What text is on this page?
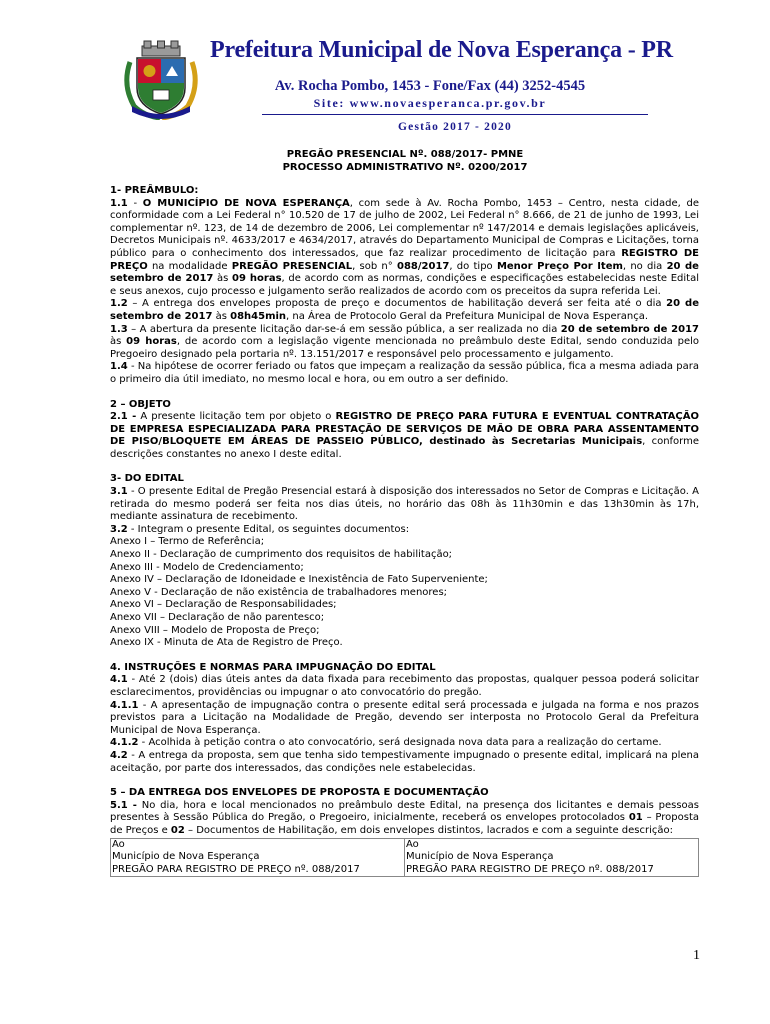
Prefeitura Municipal de Nova Esperança - PR
Av. Rocha Pombo, 1453 - Fone/Fax (44) 3252-4545
Site: www.novaesperanca.pr.gov.br
Gestão 2017 - 2020
PREGÃO PRESENCIAL Nº. 088/2017- PMNE
PROCESSO ADMINISTRATIVO Nº. 0200/2017

1- PREÂMBULO:

1.1 - O MUNICÍPIO DE NOVA ESPERANÇA, com sede à Av. Rocha Pombo, 1453 – Centro, nesta cidade, de conformidade com a Lei Federal n° 10.520 de 17 de julho de 2002, Lei Federal n° 8.666, de 21 de junho de 1993, Lei complementar nº. 123, de 14 de dezembro de 2006, Lei complementar nº 147/2014 e demais legislações aplicáveis, Decretos Municipais nº. 4633/2017 e 4634/2017, através do Departamento Municipal de Compras e Licitações, torna público para o conhecimento dos interessados, que faz realizar procedimento de licitação para REGISTRO DE PREÇO na modalidade PREGÃO PRESENCIAL, sob n° 088/2017, do tipo Menor Preço Por Item, no dia 20 de setembro de 2017 às 09 horas, de acordo com as normas, condições e especificações estabelecidas neste Edital e seus anexos, cujo processo e julgamento serão realizados de acordo com os preceitos da supra referida Lei.

1.2 – A entrega dos envelopes proposta de preço e documentos de habilitação deverá ser feita até o dia 20 de setembro de 2017 às 08h45min, na Área de Protocolo Geral da Prefeitura Municipal de Nova Esperança.

1.3 – A abertura da presente licitação dar-se-á em sessão pública, a ser realizada no dia 20 de setembro de 2017 às 09 horas, de acordo com a legislação vigente mencionada no preâmbulo deste Edital, sendo conduzida pelo Pregoeiro designado pela portaria nº. 13.151/2017 e responsável pelo processamento e julgamento.

1.4 - Na hipótese de ocorrer feriado ou fatos que impeçam a realização da sessão pública, fica a mesma adiada para o primeiro dia útil imediato, no mesmo local e hora, ou em outro a ser definido.

2 – OBJETO

2.1 - A presente licitação tem por objeto o REGISTRO DE PREÇO PARA FUTURA E EVENTUAL CONTRATAÇÃO DE EMPRESA ESPECIALIZADA PARA PRESTAÇÃO DE SERVIÇOS DE MÃO DE OBRA PARA ASSENTAMENTO DE PISO/BLOQUETE EM ÁREAS DE PASSEIO PÚBLICO, destinado às Secretarias Municipais, conforme descrições constantes no anexo I deste edital.

3- DO EDITAL

3.1 - O presente Edital de Pregão Presencial estará à disposição dos interessados no Setor de Compras e Licitação. A retirada do mesmo poderá ser feita nos dias úteis, no horário das 08h às 11h30min e das 13h30min às 17h, mediante assinatura de recebimento.

3.2 - Integram o presente Edital, os seguintes documentos:

Anexo I – Termo de Referência;

Anexo II - Declaração de cumprimento dos requisitos de habilitação;

Anexo III - Modelo de Credenciamento;

Anexo IV – Declaração de Idoneidade e Inexistência de Fato Superveniente;

Anexo V - Declaração de não existência de trabalhadores menores;

Anexo VI – Declaração de Responsabilidades;

Anexo VII – Declaração de não parentesco;

Anexo VIII – Modelo de Proposta de Preço;

Anexo IX - Minuta de Ata de Registro de Preço.

4. INSTRUÇÕES E NORMAS PARA IMPUGNAÇÃO DO EDITAL

4.1 - Até 2 (dois) dias úteis antes da data fixada para recebimento das propostas, qualquer pessoa poderá solicitar esclarecimentos, providências ou impugnar o ato convocatório do pregão.

4.1.1 - A apresentação de impugnação contra o presente edital será processada e julgada na forma e nos prazos previstos para a Licitação na Modalidade de Pregão, devendo ser interposta no Protocolo Geral da Prefeitura Municipal de Nova Esperança.

4.1.2 - Acolhida à petição contra o ato convocatório, será designada nova data para a realização do certame.

4.2 - A entrega da proposta, sem que tenha sido tempestivamente impugnado o presente edital, implicará na plena aceitação, por parte dos interessados, das condições nele estabelecidas.

5 – DA ENTREGA DOS ENVELOPES DE PROPOSTA E DOCUMENTAÇÃO

5.1 - No dia, hora e local mencionados no preâmbulo deste Edital, na presença dos licitantes e demais pessoas presentes à Sessão Pública do Pregão, o Pregoeiro, inicialmente, receberá os envelopes protocolados 01 – Proposta de Preços e 02 – Documentos de Habilitação, em dois envelopes distintos, lacrados e com a seguinte descrição:

Ao
Município de Nova Esperança
PREGÃO PARA REGISTRO DE PREÇO nº. 088/2017

Ao
Município de Nova Esperança
PREGÃO PARA REGISTRO DE PREÇO nº. 088/2017
1
